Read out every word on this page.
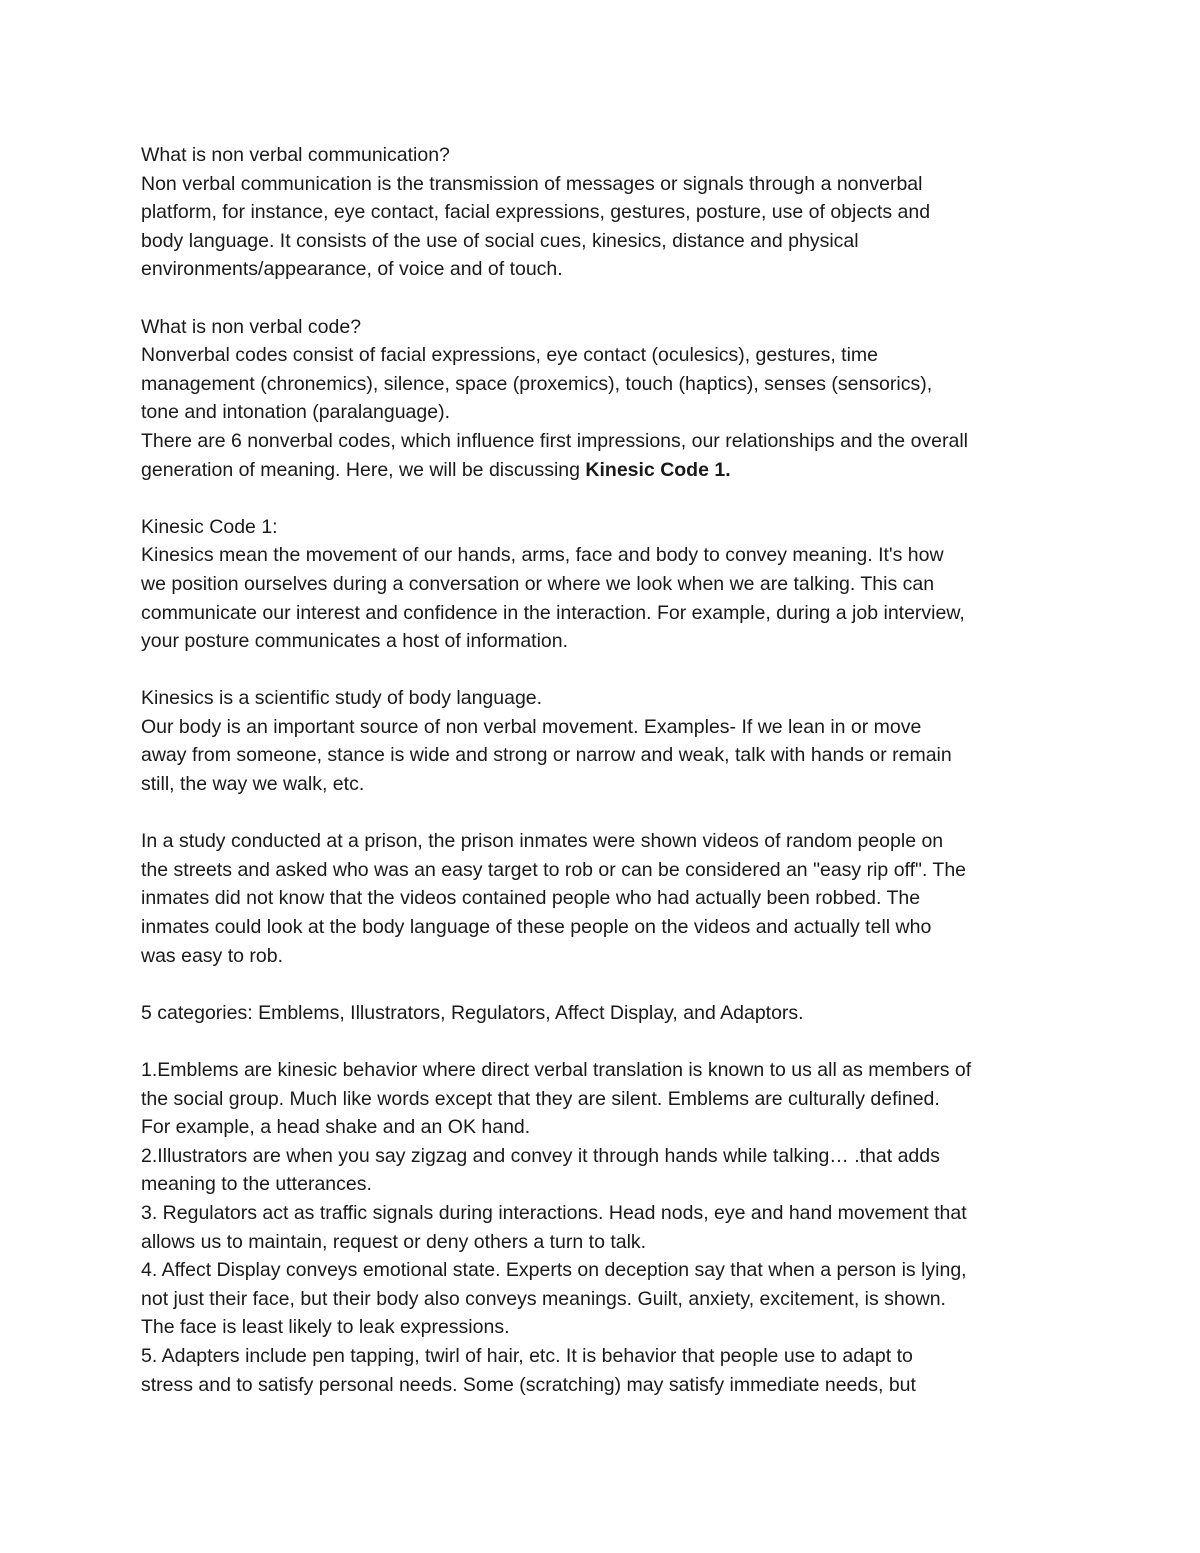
What is non verbal communication?
Non verbal communication is the transmission of messages or signals through a nonverbal
platform, for instance, eye contact, facial expressions, gestures, posture, use of objects and
body language. It consists of the use of social cues, kinesics, distance and physical
environments/appearance, of voice and of touch.
What is non verbal code?
Nonverbal codes consist of facial expressions, eye contact (oculesics), gestures, time
management (chronemics), silence, space (proxemics), touch (haptics), senses (sensorics),
tone and intonation (paralanguage).
There are 6 nonverbal codes, which influence first impressions, our relationships and the overall
generation of meaning. Here, we will be discussing Kinesic Code 1.
Kinesic Code 1:
Kinesics mean the movement of our hands, arms, face and body to convey meaning. It's how
we position ourselves during a conversation or where we look when we are talking. This can
communicate our interest and confidence in the interaction. For example, during a job interview,
your posture communicates a host of information.
Kinesics is a scientific study of body language.
Our body is an important source of non verbal movement. Examples- If we lean in or move
away from someone, stance is wide and strong or narrow and weak, talk with hands or remain
still, the way we walk, etc.
In a study conducted at a prison, the prison inmates were shown videos of random people on
the streets and asked who was an easy target to rob or can be considered an "easy rip off". The
inmates did not know that the videos contained people who had actually been robbed. The
inmates could look at the body language of these people on the videos and actually tell who
was easy to rob.
5 categories: Emblems, Illustrators, Regulators, Affect Display, and Adaptors.
1.Emblems are kinesic behavior where direct verbal translation is known to us all as members of
the social group. Much like words except that they are silent. Emblems are culturally defined.
For example, a head shake and an OK hand.
2.Illustrators are when you say zigzag and convey it through hands while talking… .that adds
meaning to the utterances.
3. Regulators act as traffic signals during interactions. Head nods, eye and hand movement that
allows us to maintain, request or deny others a turn to talk.
4. Affect Display conveys emotional state. Experts on deception say that when a person is lying,
not just their face, but their body also conveys meanings. Guilt, anxiety, excitement, is shown.
The face is least likely to leak expressions.
5. Adapters include pen tapping, twirl of hair, etc. It is behavior that people use to adapt to
stress and to satisfy personal needs. Some (scratching) may satisfy immediate needs, but
